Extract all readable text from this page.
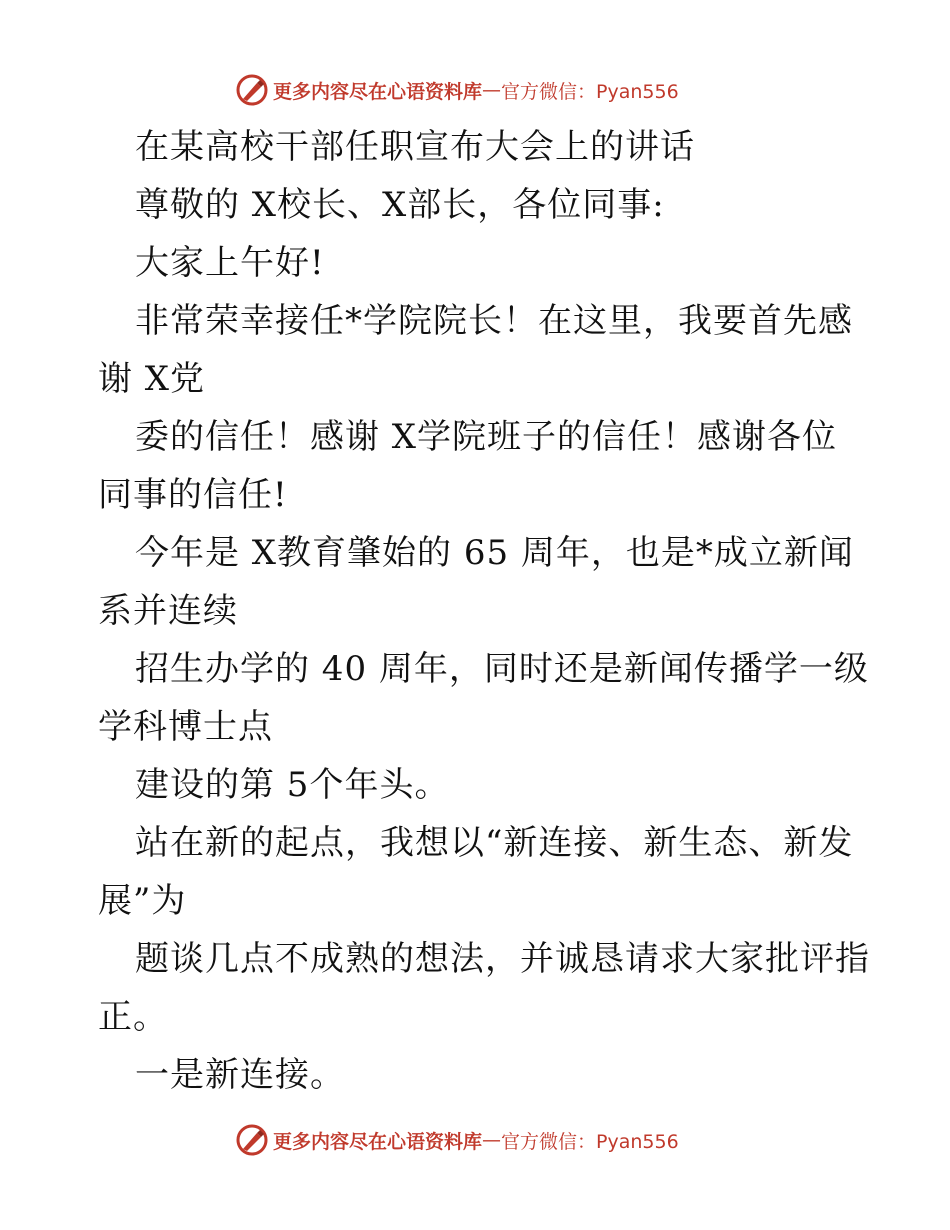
更多内容尽在心语资料库 — 官方微信：Pyan556

在某高校干部任职宣布大会上的讲话

尊敬的 X校长、X部长，各位同事:

大家上午好!

非常荣幸接任*学院院长！在这里，我要首先感

谢 X党

委的信任！感谢 X学院班子的信任！感谢各位

同事的信任!

今年是 X教育肇始的 65 周年，也是*成立新闻

系并连续

招生办学的 40 周年，同时还是新闻传播学一级

学科博士点

建设的第 5个年头。

站在新的起点，我想以“新连接、新生态、新发

展”为

题谈几点不成熟的想法，并诚恳请求大家批评指

正。

一是新连接。

更多内容尽在心语资料库 — 官方微信：Pyan556
